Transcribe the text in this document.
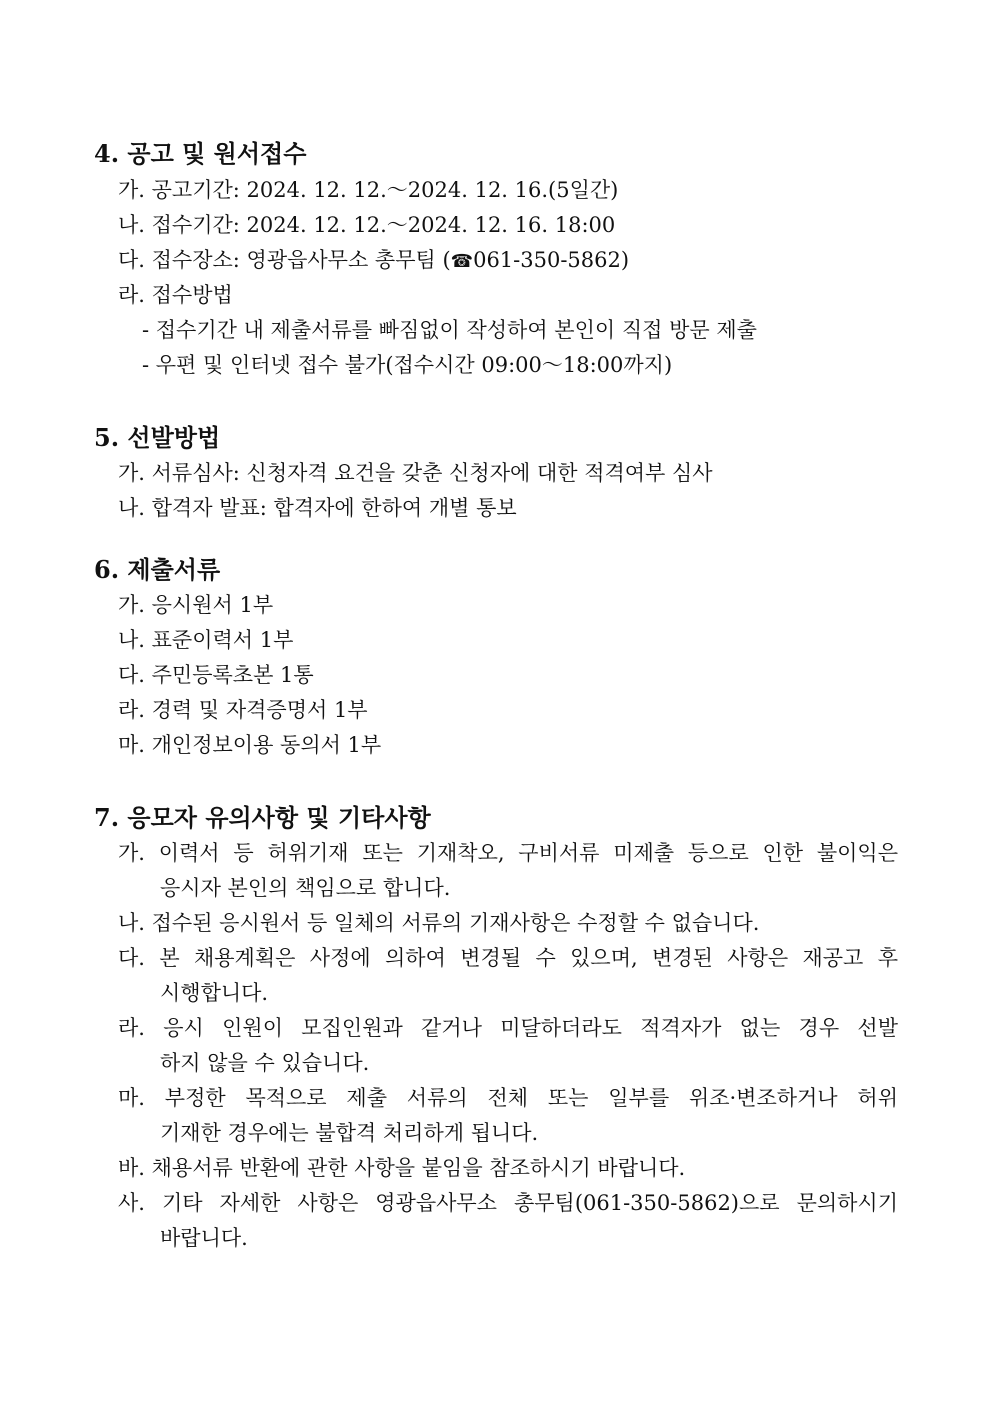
4. 공고 및 원서접수
가. 공고기간: 2024. 12. 12.～2024. 12. 16.(5일간)
나. 접수기간: 2024. 12. 12.～2024. 12. 16. 18:00
다. 접수장소: 영광읍사무소 총무팀 (☎061-350-5862)
라. 접수방법
- 접수기간 내 제출서류를 빠짐없이 작성하여 본인이 직접 방문 제출
- 우편 및 인터넷 접수 불가(접수시간 09:00～18:00까지)
5. 선발방법
가. 서류심사: 신청자격 요건을 갖춘 신청자에 대한 적격여부 심사
나. 합격자 발표: 합격자에 한하여 개별 통보
6. 제출서류
가. 응시원서 1부
나. 표준이력서 1부
다. 주민등록초본 1통
라. 경력 및 자격증명서 1부
마. 개인정보이용 동의서 1부
7. 응모자 유의사항 및 기타사항
가. 이력서 등 허위기재 또는 기재착오, 구비서류 미제출 등으로 인한 불이익은
응시자 본인의 책임으로 합니다.
나. 접수된 응시원서 등 일체의 서류의 기재사항은 수정할 수 없습니다.
다. 본 채용계획은 사정에 의하여 변경될 수 있으며, 변경된 사항은 재공고 후
시행합니다.
라. 응시 인원이 모집인원과 같거나 미달하더라도 적격자가 없는 경우 선발
하지 않을 수 있습니다.
마. 부정한 목적으로 제출 서류의 전체 또는 일부를 위조·변조하거나 허위
기재한 경우에는 불합격 처리하게 됩니다.
바. 채용서류 반환에 관한 사항을 붙임을 참조하시기 바랍니다.
사. 기타 자세한 사항은 영광읍사무소 총무팀(061-350-5862)으로 문의하시기
바랍니다.
